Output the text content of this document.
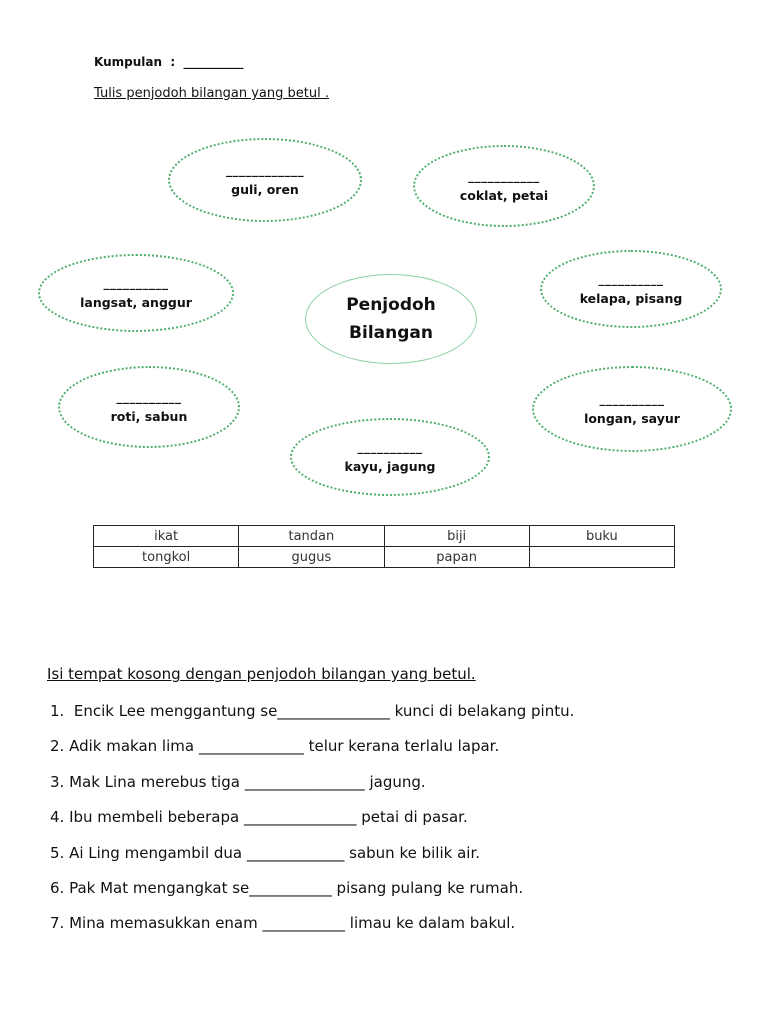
Kumpulan  :  __________
Tulis penjodoh bilangan yang betul .
____________
guli, oren
___________
coklat, petai
__________
langsat, anggur	Penjodoh
Bilangan
__________
kelapa, pisang
__________
roti, sabun
__________
longan, sayur
__________
kayu, jagung
ikat	tandan	biji	buku
tongkol	gugus	papan	
Isi tempat kosong dengan penjodoh bilangan yang betul.
1.  Encik Lee menggantung se_______________ kunci di belakang pintu.
2. Adik makan lima ______________ telur kerana terlalu lapar.
3. Mak Lina merebus tiga ________________ jagung.
4. Ibu membeli beberapa _______________ petai di pasar.
5. Ai Ling mengambil dua _____________ sabun ke bilik air.
6. Pak Mat mengangkat se___________ pisang pulang ke rumah.
7. Mina memasukkan enam ___________ limau ke dalam bakul.
